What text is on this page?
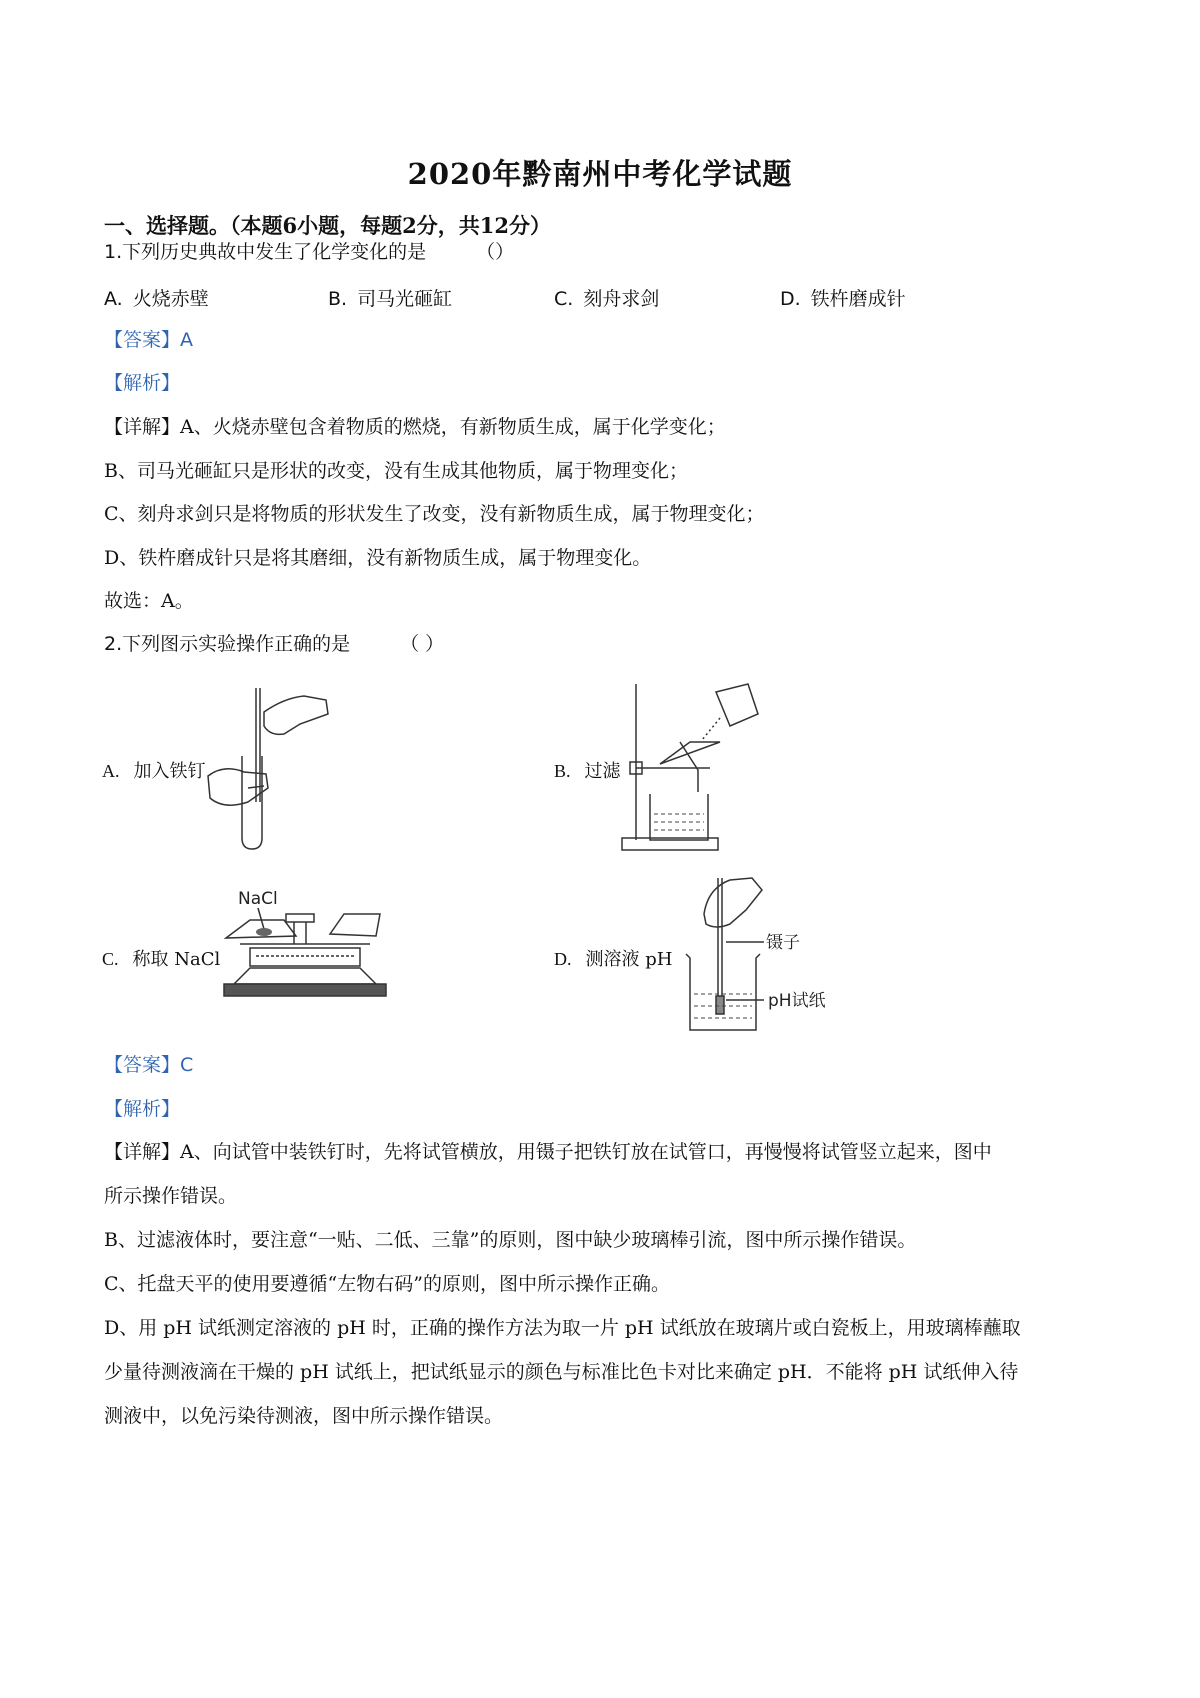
2020年黔南州中考化学试题
一、选择题。（本题6小题，每题2分，共12分）
1.下列历史典故中发生了化学变化的是	（）
A. 火烧赤壁	B. 司马光砸缸	C. 刻舟求剑	D. 铁杵磨成针
【答案】A
【解析】
【详解】A、火烧赤壁包含着物质的燃烧，有新物质生成，属于化学变化；
B、司马光砸缸只是形状的改变，没有生成其他物质，属于物理变化；
C、刻舟求剑只是将物质的形状发生了改变，没有新物质生成，属于物理变化；
D、铁杵磨成针只是将其磨细，没有新物质生成，属于物理变化。
故选：A。
2.下列图示实验操作正确的是	（ ）
A. 加入铁钉	B. 过滤
C. 称取 NaCl
NaCl
D. 测溶液 pH
镊子
pH试纸
【答案】C
【解析】
【详解】A、向试管中装铁钉时，先将试管横放，用镊子把铁钉放在试管口，再慢慢将试管竖立起来，图中
所示操作错误。
B、过滤液体时，要注意“一贴、二低、三靠”的原则，图中缺少玻璃棒引流，图中所示操作错误。
C、托盘天平的使用要遵循“左物右码”的原则，图中所示操作正确。
D、用 pH 试纸测定溶液的 pH 时，正确的操作方法为取一片 pH 试纸放在玻璃片或白瓷板上，用玻璃棒蘸取
少量待测液滴在干燥的 pH 试纸上，把试纸显示的颜色与标准比色卡对比来确定 pH．不能将 pH 试纸伸入待
测液中，以免污染待测液，图中所示操作错误。
